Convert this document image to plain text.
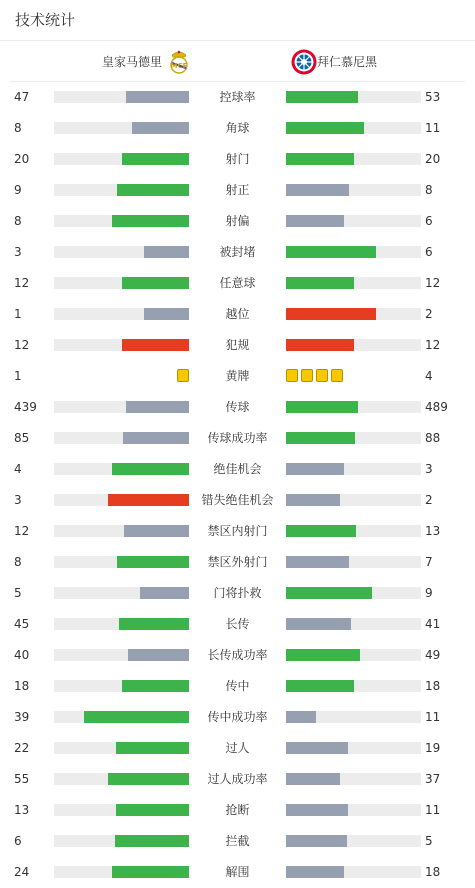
技术统计
皇家马德里 MCF	拜仁慕尼黑
47	控球率	53
8	角球	11
20	射门	20
9	射正	8
8	射偏	6
3	被封堵	6
12	任意球	12
1	越位	2
12	犯规	12
1	黄牌	4
439	传球	489
85	传球成功率	88
4	绝佳机会	3
3	错失绝佳机会	2
12	禁区内射门	13
8	禁区外射门	7
5	门将扑救	9
45	长传	41
40	长传成功率	49
18	传中	18
39	传中成功率	11
22	过人	19
55	过人成功率	37
13	抢断	11
6	拦截	5
24	解围	18
